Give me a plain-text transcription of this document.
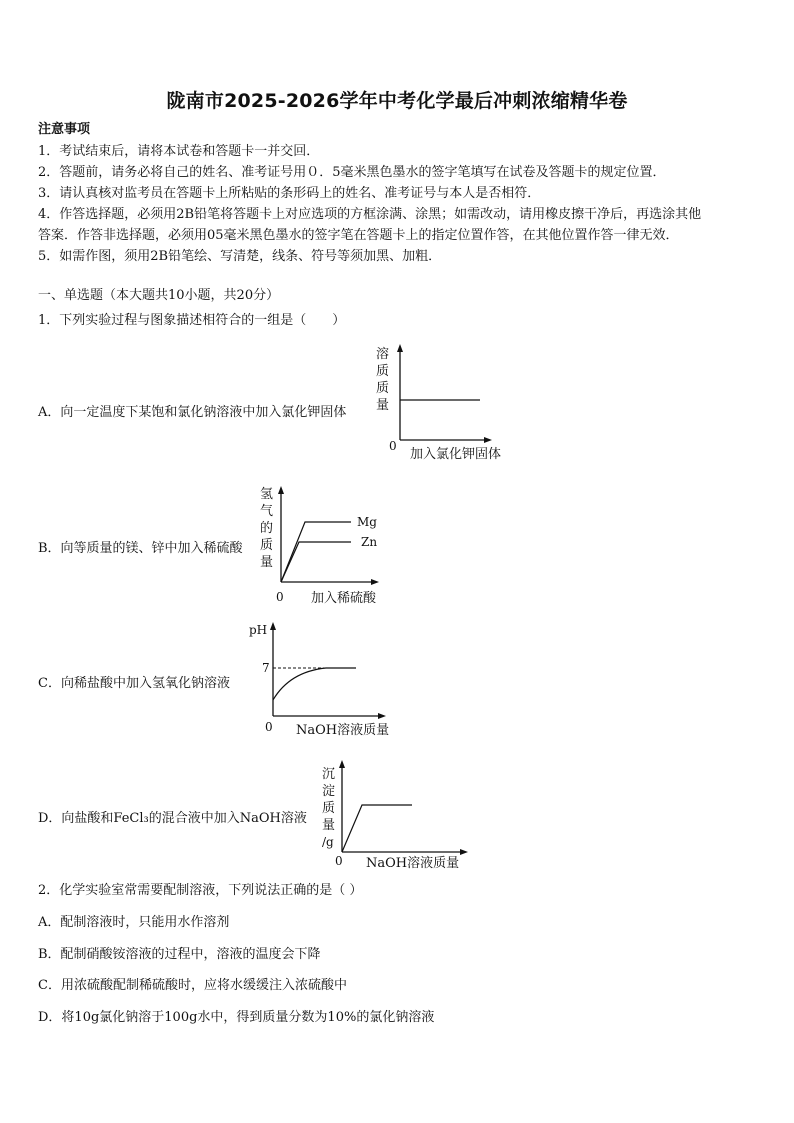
陇南市2025-2026学年中考化学最后冲刺浓缩精华卷
注意事项
1．考试结束后，请将本试卷和答题卡一并交回．
2．答题前，请务必将自己的姓名、准考证号用０．5毫米黑色墨水的签字笔填写在试卷及答题卡的规定位置．
3．请认真核对监考员在答题卡上所粘贴的条形码上的姓名、准考证号与本人是否相符．
4．作答选择题，必须用2B铅笔将答题卡上对应选项的方框涂满、涂黑；如需改动，请用橡皮擦干净后，再选涂其他
答案．作答非选择题，必须用05毫米黑色墨水的签字笔在答题卡上的指定位置作答，在其他位置作答一律无效．
5．如需作图，须用2B铅笔绘、写清楚，线条、符号等须加黑、加粗．
一、单选题（本大题共10小题，共20分）
1．下列实验过程与图象描述相符合的一组是（　　）
A．向一定温度下某饱和氯化钠溶液中加入氯化钾固体
溶
质
质
量
0
加入氯化钾固体
B．向等质量的镁、锌中加入稀硫酸
Mg
Zn
氢
气
的
质
量
0 加入稀硫酸
C．向稀盐酸中加入氢氧化钠溶液
pH
7
0 NaOH溶液质量
D．向盐酸和FeCl₃的混合液中加入NaOH溶液
沉
淀
质
量
/g
0 NaOH溶液质量
2．化学实验室常需要配制溶液，下列说法正确的是（ ）
A．配制溶液时，只能用水作溶剂
B．配制硝酸铵溶液的过程中，溶液的温度会下降
C．用浓硫酸配制稀硫酸时，应将水缓缓注入浓硫酸中
D．将10g氯化钠溶于100g水中，得到质量分数为10%的氯化钠溶液
